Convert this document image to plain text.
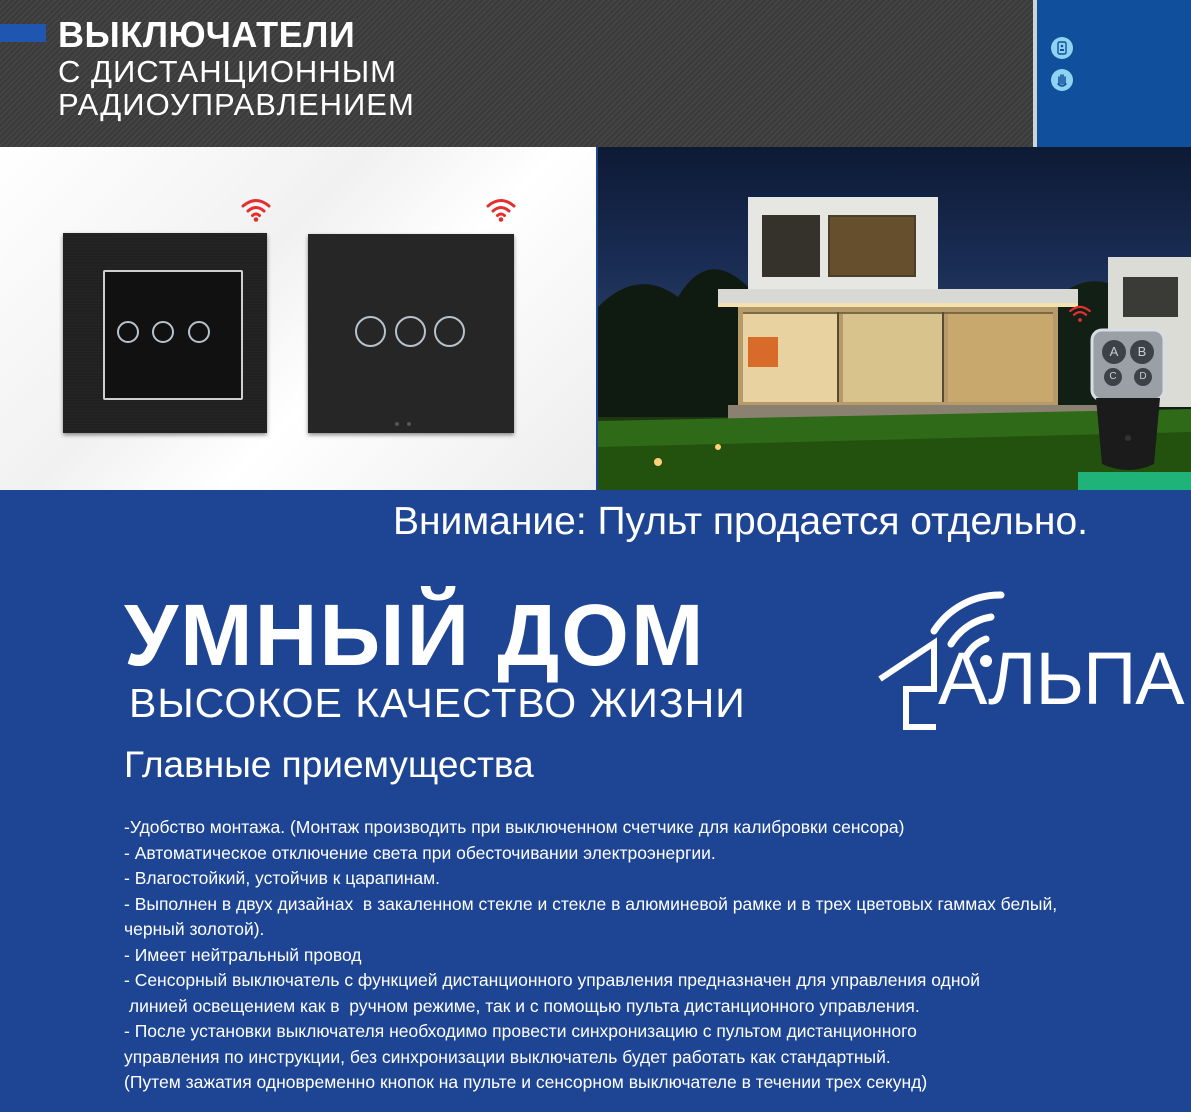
ВЫКЛЮЧАТЕЛИ
С ДИСТАНЦИОННЫМ
РАДИОУПРАВЛЕНИЕМ
A	B
C	D
Внимание: Пульт продается отдельно.
УМНЫЙ ДОМ
ВЫСОКОЕ КАЧЕСТВО ЖИЗНИ
Главные приемущества
АЛЬПА
-Удобство монтажа. (Монтаж производить при выключенном счетчике для калибровки сенсора)
- Автоматическое отключение света при обесточивании электроэнергии.
- Влагостойкий, устойчив к царапинам.
- Выполнен в двух дизайнах  в закаленном стекле и стекле в алюминевой рамке и в трех цветовых гаммах белый,
черный золотой).
- Имеет нейтральный провод
- Сенсорный выключатель с функцией дистанционного управления предназначен для управления одной
линией освещением как в  ручном режиме, так и с помощью пульта дистанционного управления.
- После установки выключателя необходимо провести синхронизацию с пультом дистанционного
управления по инструкции, без синхронизации выключатель будет работать как стандартный.
(Путем зажатия одновременно кнопок на пульте и сенсорном выключателе в течении трех секунд)
